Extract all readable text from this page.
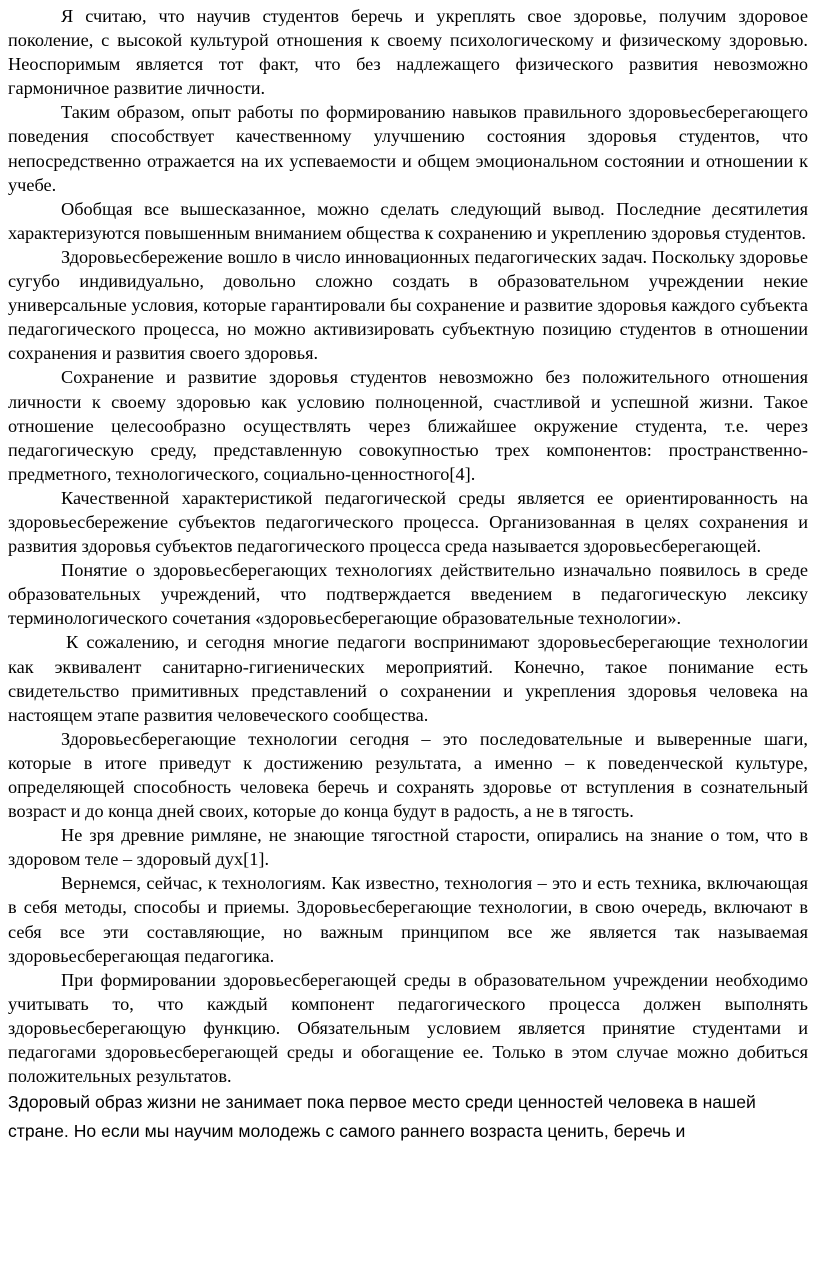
Я считаю, что научив студентов беречь и укреплять свое здоровье, получим здоровое поколение, с высокой культурой отношения к своему психологическому и физическому здоровью. Неоспоримым является тот факт, что без надлежащего физического развития невозможно гармоничное развитие личности.

Таким образом, опыт работы по формированию навыков правильного здоровьесберегающего поведения способствует качественному улучшению состояния здоровья студентов, что непосредственно отражается на их успеваемости и общем эмоциональном состоянии и отношении к учебе.

Обобщая все вышесказанное, можно сделать следующий вывод. Последние десятилетия характеризуются повышенным вниманием общества к сохранению и укреплению здоровья студентов.

Здоровьесбережение вошло в число инновационных педагогических задач. Поскольку здоровье сугубо индивидуально, довольно сложно создать в образовательном учреждении некие универсальные условия, которые гарантировали бы сохранение и развитие здоровья каждого субъекта педагогического процесса, но можно активизировать субъектную позицию студентов в отношении сохранения и развития своего здоровья.

Сохранение и развитие здоровья студентов невозможно без положительного отношения личности к своему здоровью как условию полноценной, счастливой и успешной жизни. Такое отношение целесообразно осуществлять через ближайшее окружение студента, т.е. через педагогическую среду, представленную совокупностью трех компонентов: пространственно-предметного, технологического, социально-ценностного[4].

Качественной характеристикой педагогической среды является ее ориентированность на здоровьесбережение субъектов педагогического процесса. Организованная в целях сохранения и развития здоровья субъектов педагогического процесса среда называется здоровьесберегающей.

Понятие о здоровьесберегающих технологиях действительно изначально появилось в среде образовательных учреждений, что подтверждается введением в педагогическую лексику терминологического сочетания «здоровьесберегающие образовательные технологии».

К сожалению, и сегодня многие педагоги воспринимают здоровьесберегающие технологии как эквивалент санитарно-гигиенических мероприятий. Конечно, такое понимание есть свидетельство примитивных представлений о сохранении и укрепления здоровья человека на настоящем этапе развития человеческого сообщества.

Здоровьесберегающие технологии сегодня – это последовательные и выверенные шаги, которые в итоге приведут к достижению результата, а именно – к поведенческой культуре, определяющей способность человека беречь и сохранять здоровье от вступления в сознательный возраст и до конца дней своих, которые до конца будут в радость, а не в тягость.

Не зря древние римляне, не знающие тягостной старости, опирались на знание о том, что в здоровом теле – здоровый дух[1].

Вернемся, сейчас, к технологиям. Как известно, технология – это и есть техника, включающая в себя методы, способы и приемы. Здоровьесберегающие технологии, в свою очередь, включают в себя все эти составляющие, но важным принципом все же является так называемая здоровьесберегающая педагогика.

При формировании здоровьесберегающей среды в образовательном учреждении необходимо учитывать то, что каждый компонент педагогического процесса должен выполнять здоровьесберегающую функцию. Обязательным условием является принятие студентами и педагогами здоровьесберегающей среды и обогащение ее. Только в этом случае можно добиться положительных результатов.

Здоровый образ жизни не занимает пока первое место среди ценностей человека в нашей стране. Но если мы научим молодежь с самого раннего возраста ценить, беречь и
